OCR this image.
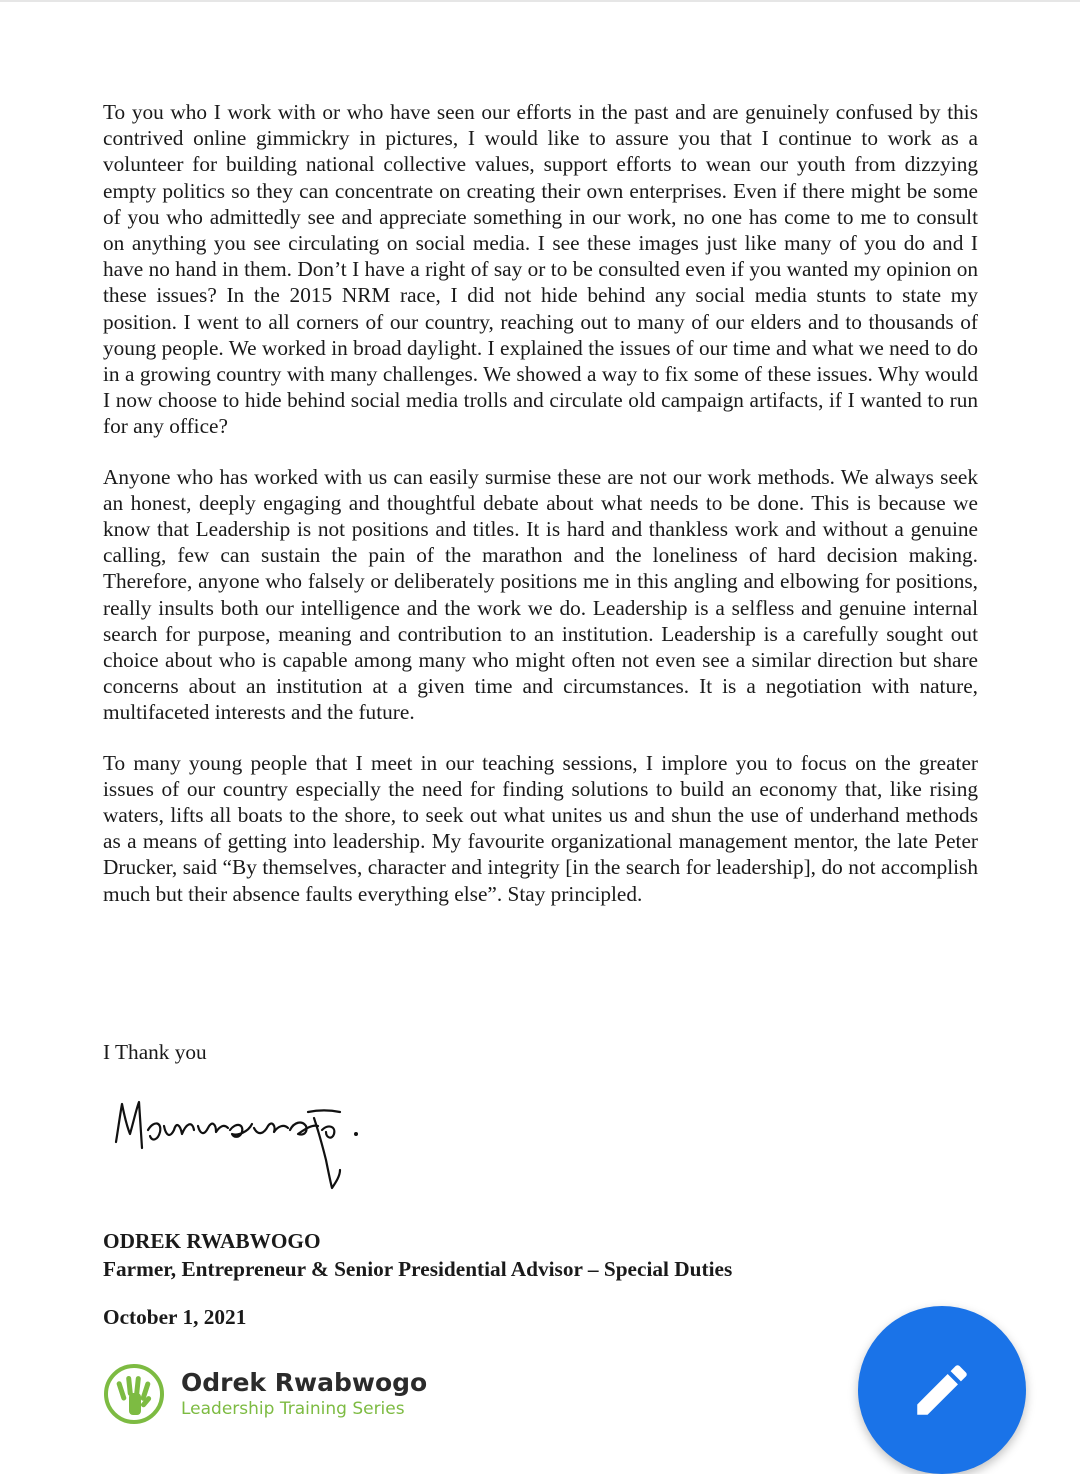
To you who I work with or who have seen our efforts in the past and are genuinely confused by this contrived online gimmickry in pictures, I would like to assure you that I continue to work as a volunteer for building national collective values, support efforts to wean our youth from dizzying empty politics so they can concentrate on creating their own enterprises. Even if there might be some of you who admittedly see and appreciate something in our work, no one has come to me to consult on anything you see circulating on social media. I see these images just like many of you do and I have no hand in them. Don’t I have a right of say or to be consulted even if you wanted my opinion on these issues? In the 2015 NRM race, I did not hide behind any social media stunts to state my position. I went to all corners of our country, reaching out to many of our elders and to thousands of young people. We worked in broad daylight. I explained the issues of our time and what we need to do in a growing country with many challenges. We showed a way to fix some of these issues. Why would I now choose to hide behind social media trolls and circulate old campaign artifacts, if I wanted to run for any office?

Anyone who has worked with us can easily surmise these are not our work methods. We always seek an honest, deeply engaging and thoughtful debate about what needs to be done. This is because we know that Leadership is not positions and titles. It is hard and thankless work and without a genuine calling, few can sustain the pain of the marathon and the loneliness of hard decision making. Therefore, anyone who falsely or deliberately positions me in this angling and elbowing for positions, really insults both our intelligence and the work we do. Leadership is a selfless and genuine internal search for purpose, meaning and contribution to an institution. Leadership is a carefully sought out choice about who is capable among many who might often not even see a similar direction but share concerns about an institution at a given time and circumstances. It is a negotiation with nature, multifaceted interests and the future.

To many young people that I meet in our teaching sessions, I implore you to focus on the greater issues of our country especially the need for finding solutions to build an economy that, like rising waters, lifts all boats to the shore, to seek out what unites us and shun the use of underhand methods as a means of getting into leadership. My favourite organizational management mentor, the late Peter Drucker, said “By themselves, character and integrity [in the search for leadership], do not accomplish much but their absence faults everything else”. Stay principled.

I Thank you

ODREK RWABWOGO
Farmer, Entrepreneur & Senior Presidential Advisor – Special Duties

October 1, 2021

Odrek Rwabwogo
Leadership Training Series
